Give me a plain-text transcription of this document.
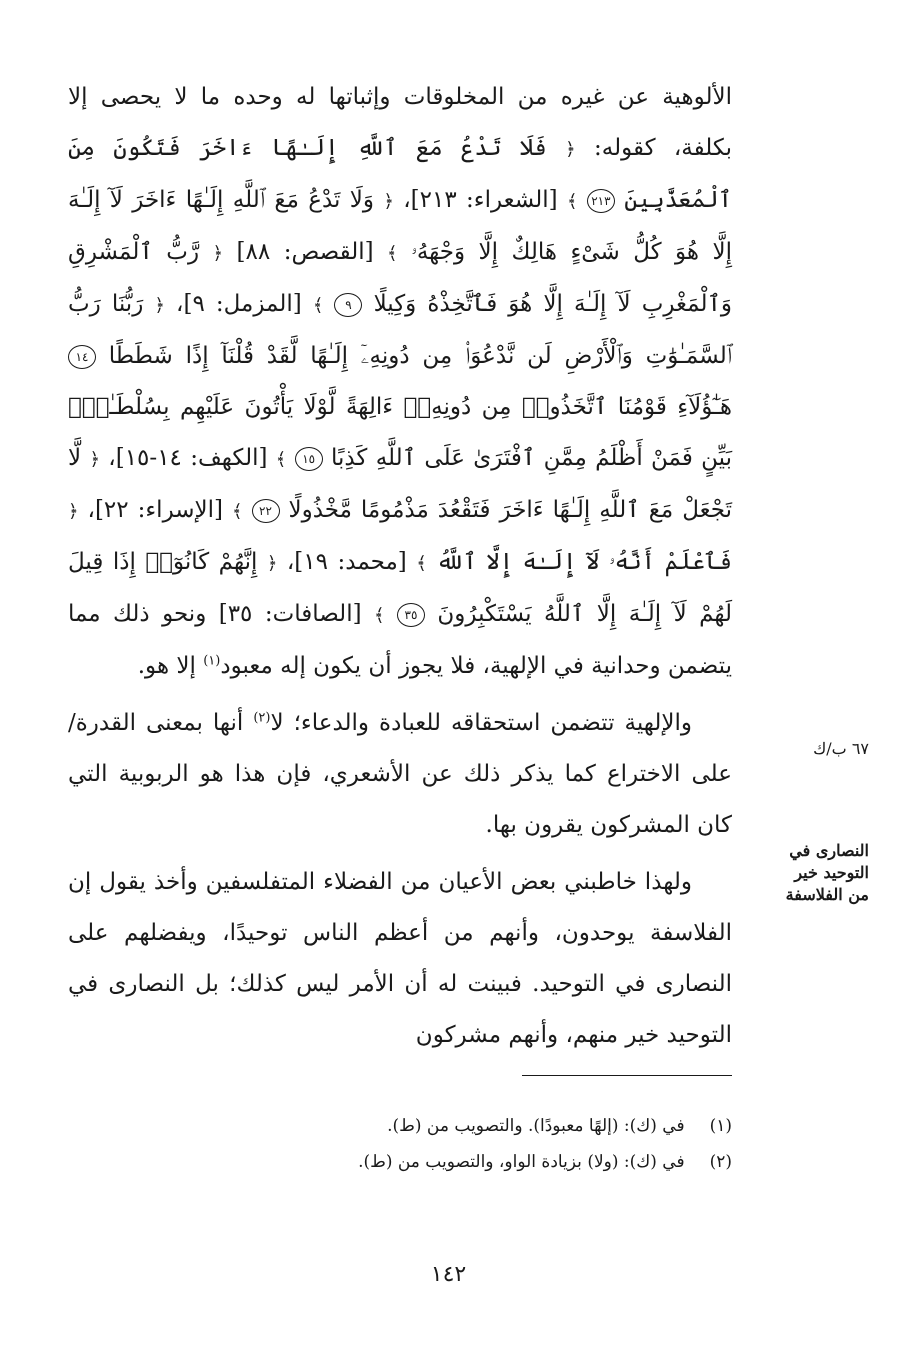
الألوهية عن غيره من المخلوقات وإثباتها له وحده ما لا يحصى إلا بكلفة، كقوله: ﴿ فَلَا تَدْعُ مَعَ ٱللَّهِ إِلَـٰهًا ءَاخَرَ فَتَكُونَ مِنَ ٱلْمُعَذَّبِينَ ٢١٣ ﴾ [الشعراء: ٢١٣]، ﴿ وَلَا تَدْعُ مَعَ ٱللَّهِ إِلَـٰهًا ءَاخَرَ لَآ إِلَـٰهَ إِلَّا هُوَ كُلُّ شَىْءٍ هَالِكٌ إِلَّا وَجْهَهُۥ ﴾ [القصص: ٨٨] ﴿ رَّبُّ ٱلْمَشْرِقِ وَٱلْمَغْرِبِ لَآ إِلَـٰهَ إِلَّا هُوَ فَٱتَّخِذْهُ وَكِيلًا ٩ ﴾ [المزمل: ٩]، ﴿ رَبُّنَا رَبُّ ٱلسَّمَـٰوَٰتِ وَٱلْأَرْضِ لَن نَّدْعُوَا۟ مِن دُونِهِۦٓ إِلَـٰهًا لَّقَدْ قُلْنَآ إِذًا شَطَطًا ١٤ هَـٰٓؤُلَآءِ قَوْمُنَا ٱتَّخَذُوا۟ مِن دُونِهِۦٓ ءَالِهَةً لَّوْلَا يَأْتُونَ عَلَيْهِم بِسُلْطَـٰنٍۭ بَيِّنٍ فَمَنْ أَظْلَمُ مِمَّنِ ٱفْتَرَىٰ عَلَى ٱللَّهِ كَذِبًا ١٥ ﴾ [الكهف: ١٤-١٥]، ﴿ لَّا تَجْعَلْ مَعَ ٱللَّهِ إِلَـٰهًا ءَاخَرَ فَتَقْعُدَ مَذْمُومًا مَّخْذُولًا ٢٢ ﴾ [الإسراء: ٢٢]، ﴿ فَٱعْلَمْ أَنَّهُۥ لَآ إِلَـٰهَ إِلَّا ٱللَّهُ ﴾ [محمد: ١٩]، ﴿ إِنَّهُمْ كَانُوٓا۟ إِذَا قِيلَ لَهُمْ لَآ إِلَـٰهَ إِلَّا ٱللَّهُ يَسْتَكْبِرُونَ ٣٥ ﴾ [الصافات: ٣٥] ونحو ذلك مما يتضمن وحدانية في الإلهية، فلا يجوز أن يكون إله معبود$^{(١)}$ إلا هو.

والإلهية تتضمن استحقاقه للعبادة والدعاء؛ لا$^{(٢)}$ أنها بمعنى القدرة/ على الاختراع كما يذكر ذلك عن الأشعري، فإن هذا هو الربوبية التي كان المشركون يقرون بها.

ولهذا خاطبني بعض الأعيان من الفضلاء المتفلسفين وأخذ يقول إن الفلاسفة يوحدون، وأنهم من أعظم الناس توحيدًا، ويفضلهم على النصارى في التوحيد. فبينت له أن الأمر ليس كذلك؛ بل النصارى في التوحيد خير منهم، وأنهم مشركون

٦٧ ب/ك
النصارى في التوحيد خير من الفلاسفة
(١) في (ك): (إلهًا معبودًا). والتصويب من (ط).
(٢) في (ك): (ولا) بزيادة الواو، والتصويب من (ط).
١٤٢
